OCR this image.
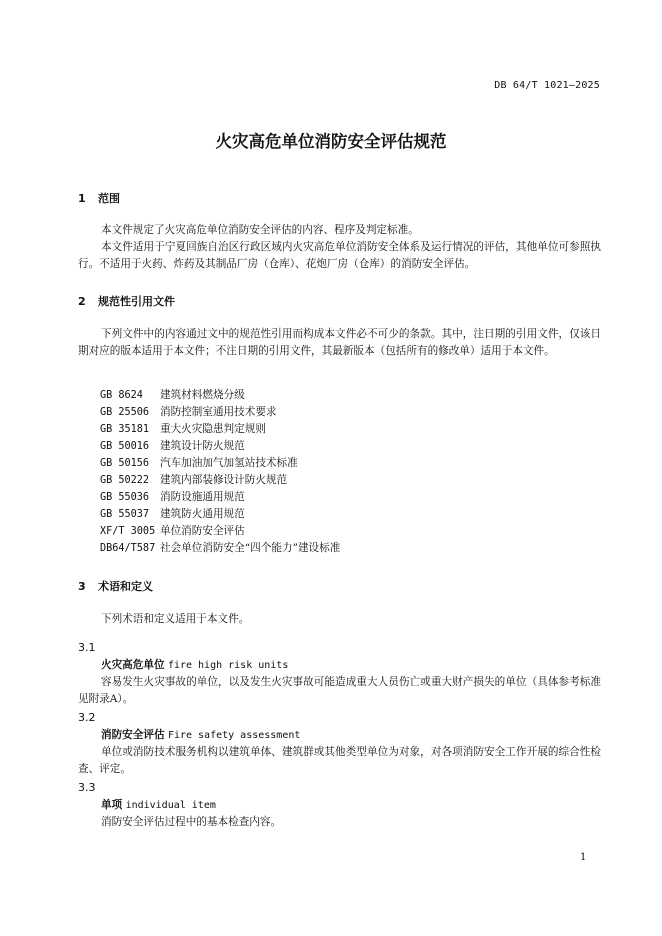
DB 64/T 1021—2025
火灾高危单位消防安全评估规范
1 范围
本文件规定了火灾高危单位消防安全评估的内容、程序及判定标准。
本文件适用于宁夏回族自治区行政区域内火灾高危单位消防安全体系及运行情况的评估，其他单位可参照执行。不适用于火药、炸药及其制品厂房（仓库）、花炮厂房（仓库）的消防安全评估。
2 规范性引用文件
下列文件中的内容通过文中的规范性引用而构成本文件必不可少的条款。其中，注日期的引用文件，仅该日期对应的版本适用于本文件；不注日期的引用文件，其最新版本（包括所有的修改单）适用于本文件。
GB 8624 建筑材料燃烧分级
GB 25506 消防控制室通用技术要求
GB 35181 重大火灾隐患判定规则
GB 50016 建筑设计防火规范
GB 50156 汽车加油加气加氢站技术标准
GB 50222 建筑内部装修设计防火规范
GB 55036 消防设施通用规范
GB 55037 建筑防火通用规范
XF/T 3005 单位消防安全评估
DB64/T587 社会单位消防安全“四个能力”建设标准
3 术语和定义
下列术语和定义适用于本文件。
3.1
火灾高危单位 fire high risk units
容易发生火灾事故的单位，以及发生火灾事故可能造成重大人员伤亡或重大财产损失的单位（具体参考标准见附录A）。
3.2
消防安全评估 Fire safety assessment
单位或消防技术服务机构以建筑单体、建筑群或其他类型单位为对象，对各项消防安全工作开展的综合性检查、评定。
3.3
单项 individual item
消防安全评估过程中的基本检查内容。
1
